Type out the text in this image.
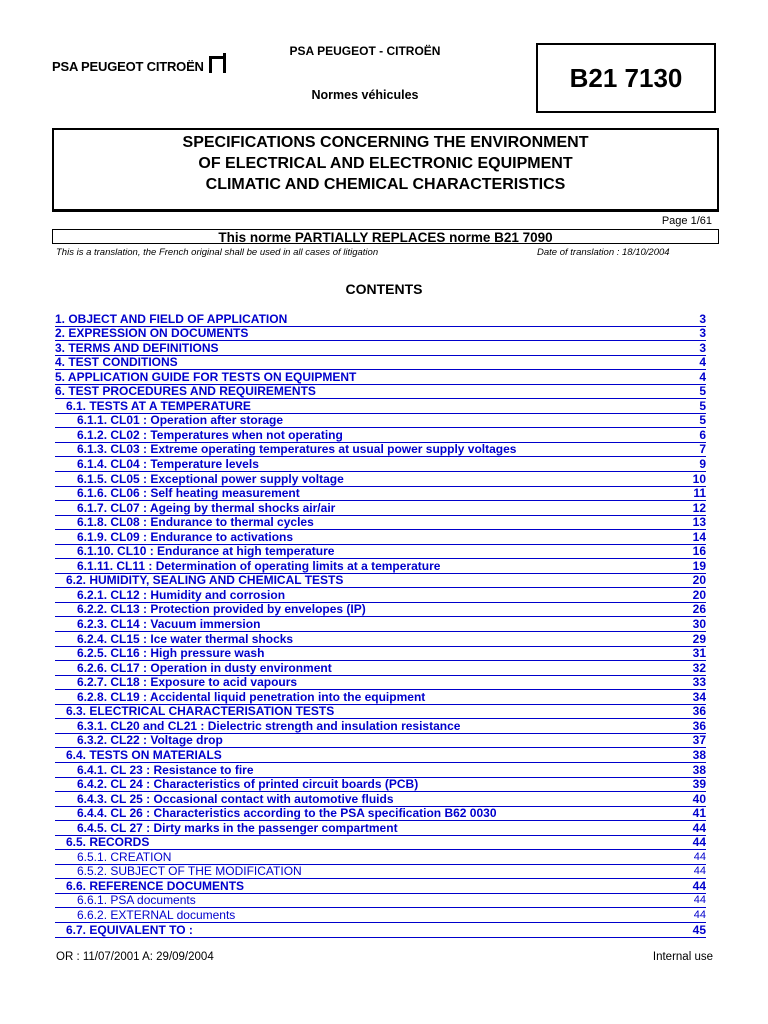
PSA PEUGEOT CITROËN
PSA PEUGEOT - CITROËN
Normes véhicules
B21 7130
SPECIFICATIONS CONCERNING THE ENVIRONMENT
OF ELECTRICAL AND ELECTRONIC EQUIPMENT
CLIMATIC AND CHEMICAL CHARACTERISTICS
Page 1/61
This norme PARTIALLY REPLACES norme B21 7090
This is a translation, the French original shall be used in all cases of litigation	Date of translation : 18/10/2004
CONTENTS
1. OBJECT AND FIELD OF APPLICATION	3
2. EXPRESSION ON DOCUMENTS	3
3. TERMS AND DEFINITIONS	3
4. TEST CONDITIONS	4
5. APPLICATION GUIDE FOR TESTS ON EQUIPMENT	4
6. TEST PROCEDURES AND REQUIREMENTS	5
6.1. TESTS AT A TEMPERATURE	5
6.1.1. CL01 : Operation after storage	5
6.1.2. CL02 : Temperatures when not operating	6
6.1.3. CL03 : Extreme operating temperatures at usual power supply voltages	7
6.1.4. CL04 : Temperature levels	9
6.1.5. CL05 : Exceptional power supply voltage	10
6.1.6. CL06 : Self heating measurement	11
6.1.7. CL07 : Ageing by thermal shocks air/air	12
6.1.8. CL08 : Endurance to thermal cycles	13
6.1.9. CL09 : Endurance to activations	14
6.1.10. CL10 : Endurance at high temperature	16
6.1.11. CL11 : Determination of operating limits at a temperature	19
6.2. HUMIDITY, SEALING AND CHEMICAL TESTS	20
6.2.1. CL12 : Humidity and corrosion	20
6.2.2. CL13 : Protection provided by envelopes (IP)	26
6.2.3. CL14 : Vacuum immersion	30
6.2.4. CL15 : Ice water thermal shocks	29
6.2.5. CL16 : High pressure wash	31
6.2.6. CL17 : Operation in dusty environment	32
6.2.7. CL18 : Exposure to acid vapours	33
6.2.8. CL19 : Accidental liquid penetration into the equipment	34
6.3. ELECTRICAL CHARACTERISATION TESTS	36
6.3.1. CL20 and CL21 : Dielectric strength and insulation resistance	36
6.3.2. CL22 : Voltage drop	37
6.4. TESTS ON MATERIALS	38
6.4.1. CL 23 : Resistance to fire	38
6.4.2. CL 24 : Characteristics of printed circuit boards (PCB)	39
6.4.3. CL 25 : Occasional contact with automotive fluids	40
6.4.4. CL 26 : Characteristics according to the PSA specification B62 0030	41
6.4.5. CL 27 : Dirty marks in the passenger compartment	44
6.5. RECORDS	44
6.5.1. CREATION	44
6.5.2. SUBJECT OF THE MODIFICATION	44
6.6. REFERENCE DOCUMENTS	44
6.6.1. PSA documents	44
6.6.2. EXTERNAL documents	44
6.7. EQUIVALENT TO :	45
OR : 11/07/2001 A: 29/09/2004	Internal use
